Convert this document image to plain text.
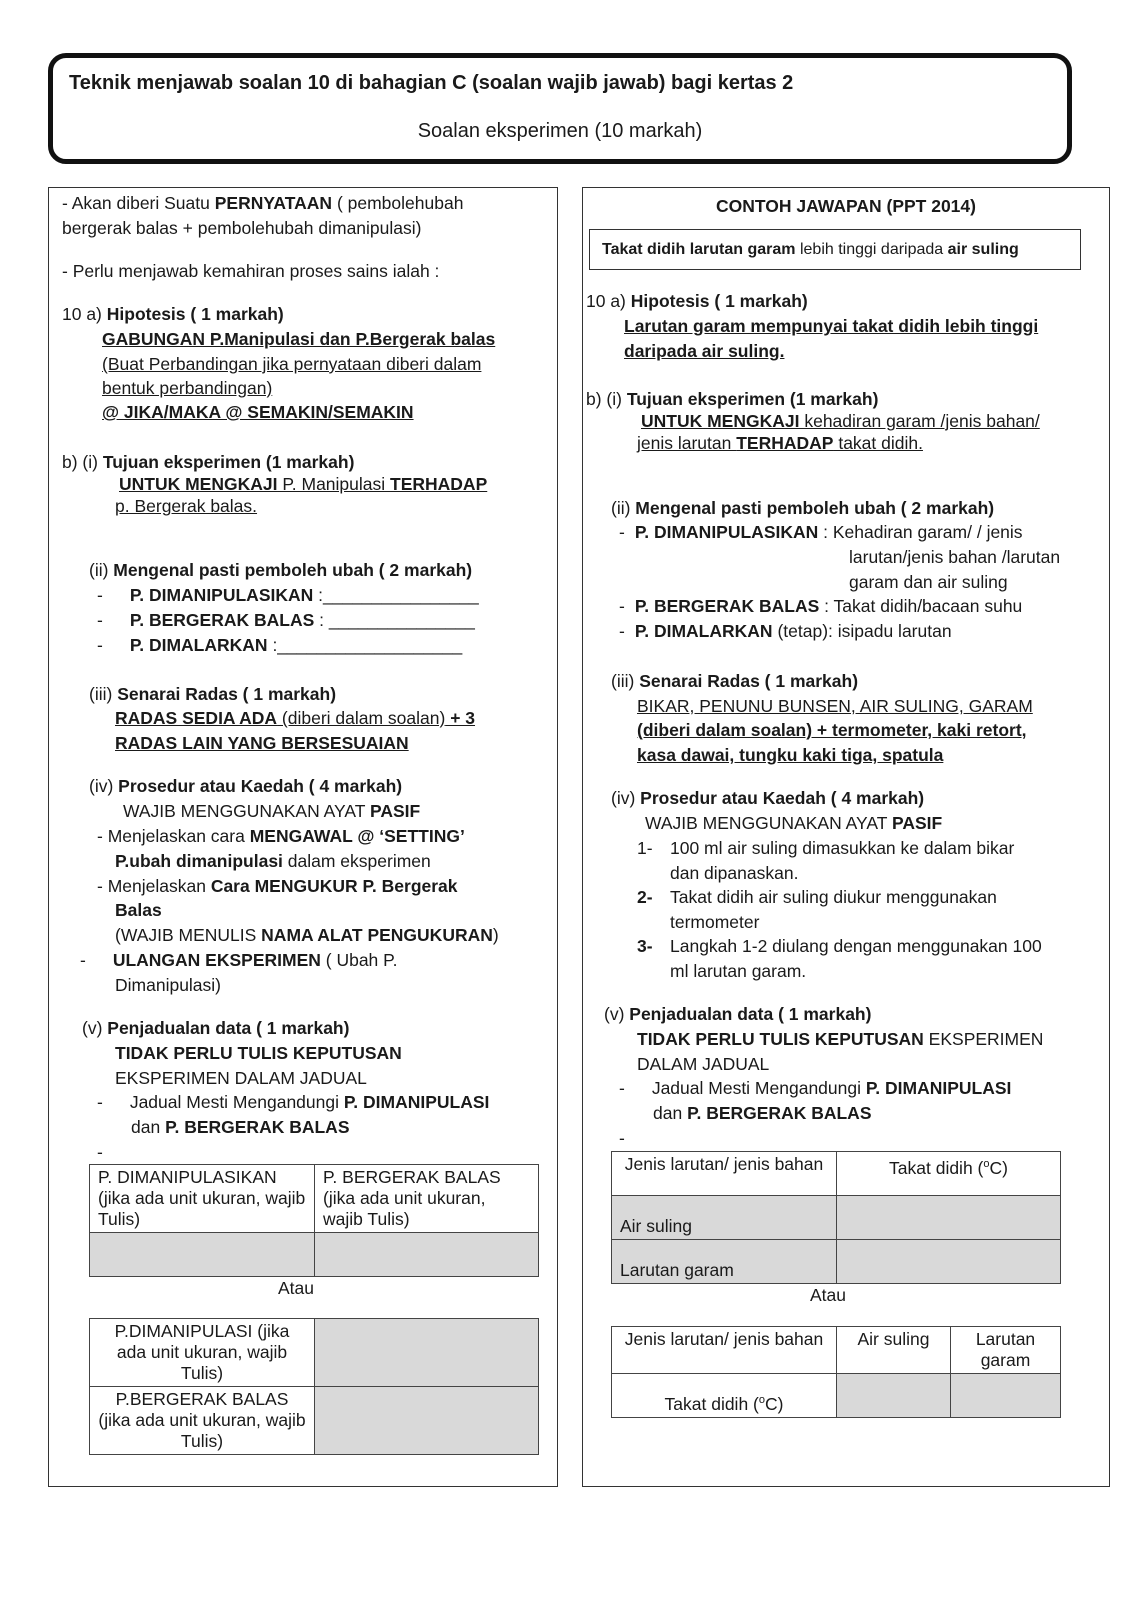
Teknik menjawab soalan 10 di bahagian C (soalan wajib jawab) bagi kertas 2
Soalan eksperimen (10 markah)
- Akan diberi Suatu PERNYATAAN ( pembolehubah
bergerak balas + pembolehubah dimanipulasi)
- Perlu menjawab kemahiran proses sains ialah :
10 a) Hipotesis ( 1 markah)
GABUNGAN P.Manipulasi dan P.Bergerak balas
(Buat Perbandingan jika pernyataan diberi dalam
bentuk perbandingan)
@ JIKA/MAKA @ SEMAKIN/SEMAKIN
b) (i) Tujuan eksperimen (1 markah)
UNTUK MENGKAJI P. Manipulasi TERHADAP
p. Bergerak balas.
(ii) Mengenal pasti pemboleh ubah ( 2 markah)
- P. DIMANIPULASIKAN :________________
- P. BERGERAK BALAS : _______________
- P. DIMALARKAN :___________________
(iii) Senarai Radas ( 1 markah)
RADAS SEDIA ADA (diberi dalam soalan) + 3
RADAS LAIN YANG BERSESUAIAN
(iv) Prosedur atau Kaedah ( 4 markah)
WAJIB MENGGUNAKAN AYAT PASIF
- Menjelaskan cara MENGAWAL @ ‘SETTING’
P.ubah dimanipulasi dalam eksperimen
- Menjelaskan Cara MENGUKUR P. Bergerak
Balas
(WAJIB MENULIS NAMA ALAT PENGUKURAN)
- ULANGAN EKSPERIMEN ( Ubah P.
Dimanipulasi)
(v) Penjadualan data ( 1 markah)
TIDAK PERLU TULIS KEPUTUSAN
EKSPERIMEN DALAM JADUAL
- Jadual Mesti Mengandungi P. DIMANIPULASI
dan P. BERGERAK BALAS
-
P. DIMANIPULASIKAN (jika ada unit ukuran, wajib Tulis)	P. BERGERAK BALAS (jika ada unit ukuran, wajib Tulis)

Atau
P.DIMANIPULASI (jika ada unit ukuran, wajib Tulis)	
P.BERGERAK BALAS (jika ada unit ukuran, wajib Tulis)	
CONTOH JAWAPAN (PPT 2014)
Takat didih larutan garam lebih tinggi daripada air suling
10 a) Hipotesis ( 1 markah)
Larutan garam mempunyai takat didih lebih tinggi
daripada air suling.
b) (i) Tujuan eksperimen (1 markah)
UNTUK MENGKAJI kehadiran garam /jenis bahan/
jenis larutan TERHADAP takat didih.
(ii) Mengenal pasti pemboleh ubah ( 2 markah)
- P. DIMANIPULASIKAN : Kehadiran garam/ / jenis
larutan/jenis bahan /larutan
garam dan air suling
- P. BERGERAK BALAS : Takat didih/bacaan suhu
- P. DIMALARKAN (tetap): isipadu larutan
(iii) Senarai Radas ( 1 markah)
BIKAR, PENUNU BUNSEN, AIR SULING, GARAM
(diberi dalam soalan) + termometer, kaki retort,
kasa dawai, tungku kaki tiga, spatula
(iv) Prosedur atau Kaedah ( 4 markah)
WAJIB MENGGUNAKAN AYAT PASIF
1- 100 ml air suling dimasukkan ke dalam bikar
dan dipanaskan.
2- Takat didih air suling diukur menggunakan
termometer
3- Langkah 1-2 diulang dengan menggunakan 100
ml larutan garam.
(v) Penjadualan data ( 1 markah)
TIDAK PERLU TULIS KEPUTUSAN EKSPERIMEN
DALAM JADUAL
- Jadual Mesti Mengandungi P. DIMANIPULASI
dan P. BERGERAK BALAS
-
Jenis larutan/ jenis bahan	Takat didih ($^o$C)
Air suling	
Larutan garam	
Atau
Jenis larutan/ jenis bahan	Air suling	Larutan garam
Takat didih ($^o$C)		
